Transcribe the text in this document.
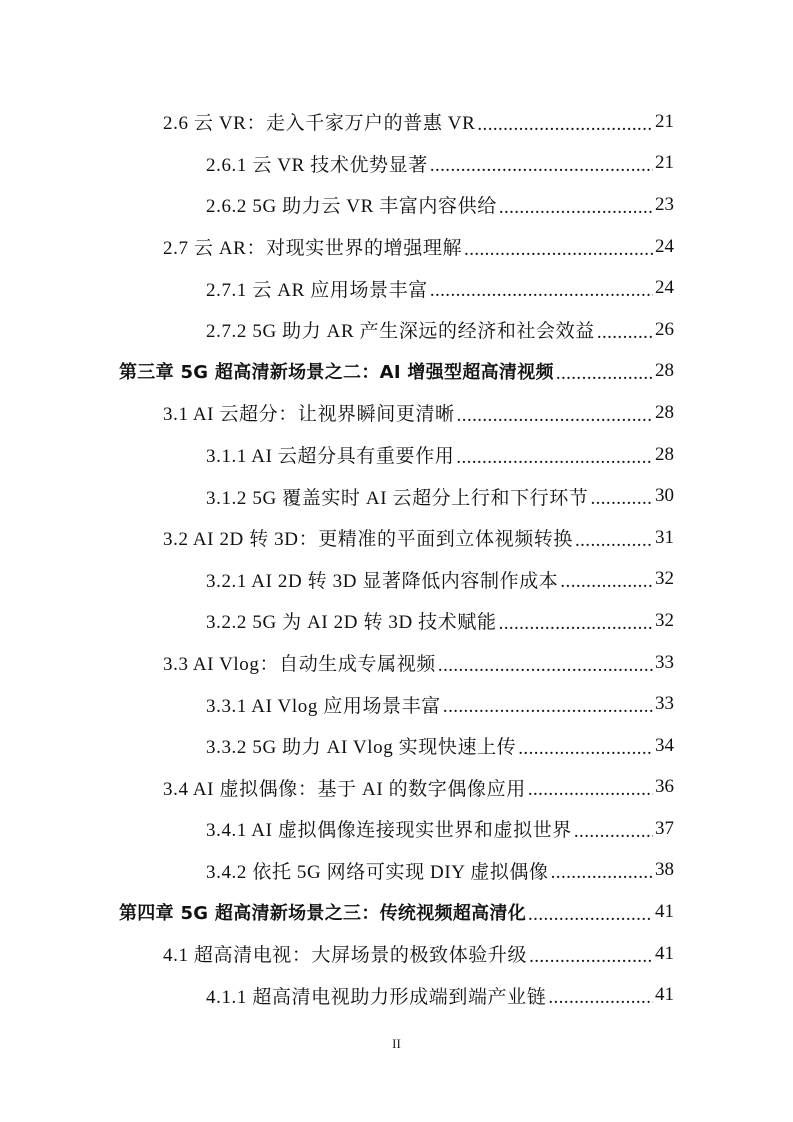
2.6 云 VR：走入千家万户的普惠 VR .....	21
2.6.1 云 VR 技术优势显著 .....	21
2.6.2 5G 助力云 VR 丰富内容供给 .....	23
2.7 云 AR：对现实世界的增强理解 .....	24
2.7.1 云 AR 应用场景丰富 .....	24
2.7.2 5G 助力 AR 产生深远的经济和社会效益 .....	26
第三章 5G 超高清新场景之二：AI 增强型超高清视频 .....	28
3.1 AI 云超分：让视界瞬间更清晰 .....	28
3.1.1 AI 云超分具有重要作用 .....	28
3.1.2 5G 覆盖实时 AI 云超分上行和下行环节 .....	30
3.2 AI 2D 转 3D：更精准的平面到立体视频转换 .....	31
3.2.1 AI 2D 转 3D 显著降低内容制作成本 .....	32
3.2.2 5G 为 AI 2D 转 3D 技术赋能 .....	32
3.3 AI Vlog：自动生成专属视频 .....	33
3.3.1 AI Vlog 应用场景丰富 .....	33
3.3.2 5G 助力 AI Vlog 实现快速上传 .....	34
3.4 AI 虚拟偶像：基于 AI 的数字偶像应用 .....	36
3.4.1 AI 虚拟偶像连接现实世界和虚拟世界 .....	37
3.4.2 依托 5G 网络可实现 DIY 虚拟偶像 .....	38
第四章 5G 超高清新场景之三：传统视频超高清化 .....	41
4.1 超高清电视：大屏场景的极致体验升级 .....	41
4.1.1 超高清电视助力形成端到端产业链 .....	41
II
